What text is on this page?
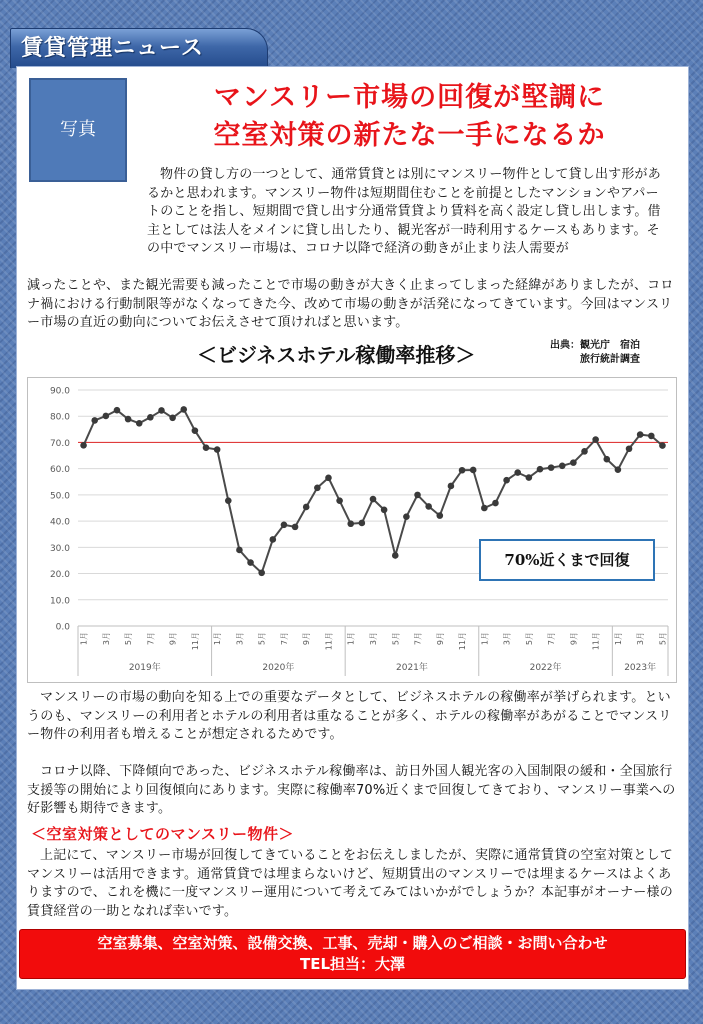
賃貸管理ニュース
写真
マンスリー市場の回復が堅調に
空室対策の新たな一手になるか

物件の貸し方の一つとして、通常賃貸とは別にマンスリー物件として貸し出す形があるかと思われます。マンスリー物件は短期間住むことを前提としたマンションやアパートのことを指し、短期間で貸し出す分通常賃貸より賃料を高く設定し貸し出します。借主としては法人をメインに貸し出したり、観光客が一時利用するケースもあります。その中でマンスリー市場は、コロナ以降で経済の動きが止まり法人需要が

減ったことや、また観光需要も減ったことで市場の動きが大きく止まってしまった経緯がありましたが、コロナ禍における行動制限等がなくなってきた今、改めて市場の動きが活発になってきています。今回はマンスリー市場の直近の動向についてお伝えさせて頂ければと思います。

＜ビジネスホテル稼働率推移＞	出典：観光庁　宿泊
旅行統計調査
0.0
10.0
20.0
30.0
40.0
50.0
60.0
70.0
80.0
90.0
1月 3月 5月 7月 9月 11月 1月 3月 5月 7月 9月 11月 1月 3月 5月 7月 9月 11月 1月 3月 5月 7月 9月 11月 1月 3月 5月
2019年	2020年	2021年	2022年	2023年
70%近くまで回復

マンスリーの市場の動向を知る上での重要なデータとして、ビジネスホテルの稼働率が挙げられます。というのも、マンスリーの利用者とホテルの利用者は重なることが多く、ホテルの稼働率があがることでマンスリー物件の利用者も増えることが想定されるためです。

コロナ以降、下降傾向であった、ビジネスホテル稼働率は、訪日外国人観光客の入国制限の緩和・全国旅行支援等の開始により回復傾向にあります。実際に稼働率70%近くまで回復してきており、マンスリー事業への好影響も期待できます。

＜空室対策としてのマンスリー物件＞

上記にて、マンスリー市場が回復してきていることをお伝えしましたが、実際に通常賃貸の空室対策としてマンスリーは活用できます。通常賃貸では埋まらないけど、短期賃出のマンスリーでは埋まるケースはよくありますので、これを機に一度マンスリー運用について考えてみてはいかがでしょうか？本記事がオーナー様の賃貸経営の一助となれば幸いです。

空室募集、空室対策、設備交換、工事、売却・購入のご相談・お問い合わせ
TEL担当：大澤
